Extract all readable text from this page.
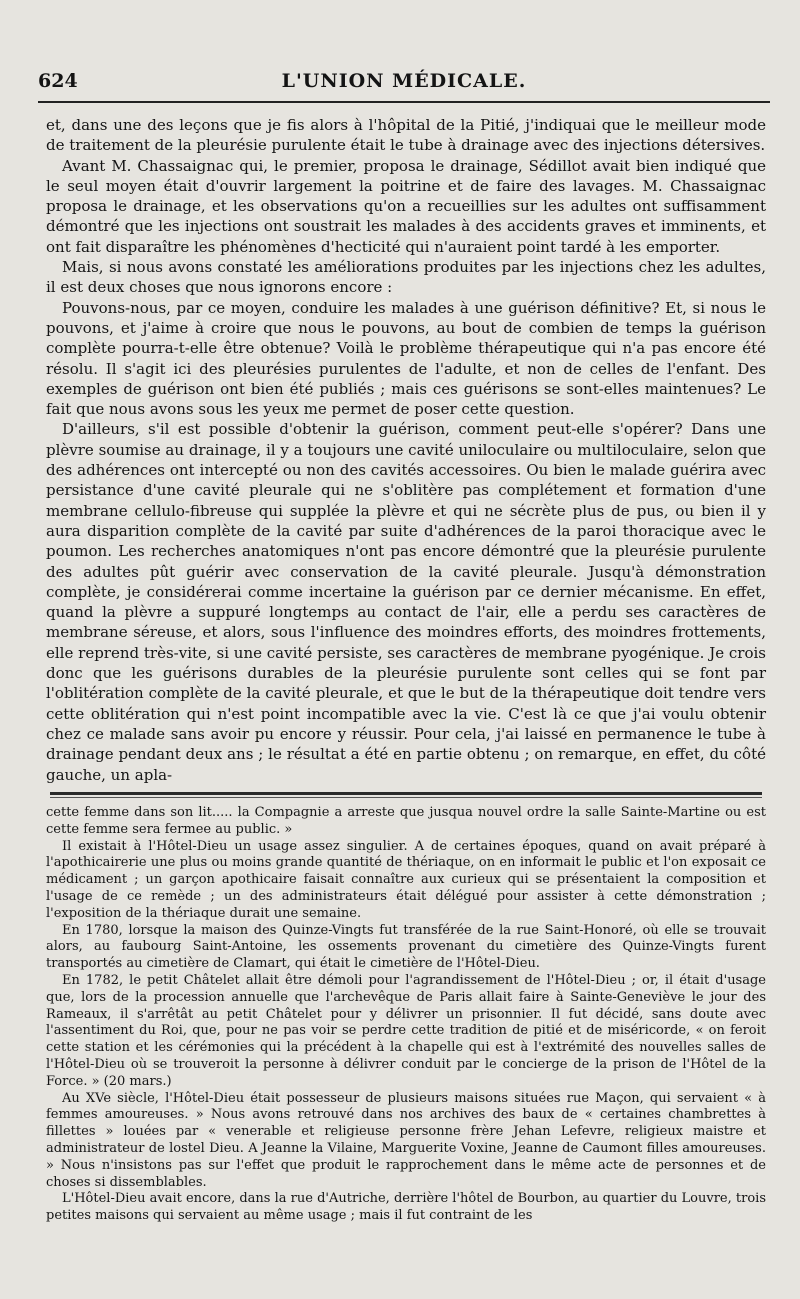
624	L'UNION MÉDICALE.

et, dans une des leçons que je fis alors à l'hôpital de la Pitié, j'indiquai que le meilleur mode de traitement de la pleurésie purulente était le tube à drainage avec des injections détersives.

Avant M. Chassaignac qui, le premier, proposa le drainage, Sédillot avait bien indiqué que le seul moyen était d'ouvrir largement la poitrine et de faire des lavages. M. Chassaignac proposa le drainage, et les observations qu'on a recueillies sur les adultes ont suffisamment démontré que les injections ont soustrait les malades à des accidents graves et imminents, et ont fait disparaître les phénomènes d'hecticité qui n'auraient point tardé à les emporter.

Mais, si nous avons constaté les améliorations produites par les injections chez les adultes, il est deux choses que nous ignorons encore :

Pouvons-nous, par ce moyen, conduire les malades à une guérison définitive? Et, si nous le pouvons, et j'aime à croire que nous le pouvons, au bout de combien de temps la guérison complète pourra-t-elle être obtenue? Voilà le problème thérapeutique qui n'a pas encore été résolu. Il s'agit ici des pleurésies purulentes de l'adulte, et non de celles de l'enfant. Des exemples de guérison ont bien été publiés ; mais ces guérisons se sont-elles maintenues? Le fait que nous avons sous les yeux me permet de poser cette question.

D'ailleurs, s'il est possible d'obtenir la guérison, comment peut-elle s'opérer? Dans une plèvre soumise au drainage, il y a toujours une cavité uniloculaire ou multiloculaire, selon que des adhérences ont intercepté ou non des cavités accessoires. Ou bien le malade guérira avec persistance d'une cavité pleurale qui ne s'oblitère pas complétement et formation d'une membrane cellulo-fibreuse qui supplée la plèvre et qui ne sécrète plus de pus, ou bien il y aura disparition complète de la cavité par suite d'adhérences de la paroi thoracique avec le poumon. Les recherches anatomiques n'ont pas encore démontré que la pleurésie purulente des adultes pût guérir avec conservation de la cavité pleurale. Jusqu'à démonstration complète, je considérerai comme incertaine la guérison par ce dernier mécanisme. En effet, quand la plèvre a suppuré longtemps au contact de l'air, elle a perdu ses caractères de membrane séreuse, et alors, sous l'influence des moindres efforts, des moindres frottements, elle reprend très-vite, si une cavité persiste, ses caractères de membrane pyogénique. Je crois donc que les guérisons durables de la pleurésie purulente sont celles qui se font par l'oblitération complète de la cavité pleurale, et que le but de la thérapeutique doit tendre vers cette oblitération qui n'est point incompatible avec la vie. C'est là ce que j'ai voulu obtenir chez ce malade sans avoir pu encore y réussir. Pour cela, j'ai laissé en permanence le tube à drainage pendant deux ans ; le résultat a été en partie obtenu ; on remarque, en effet, du côté gauche, un apla-

cette femme dans son lit..... la Compagnie a arreste que jusqua nouvel ordre la salle Sainte-Martine ou est cette femme sera fermee au public. »

Il existait à l'Hôtel-Dieu un usage assez singulier. A de certaines époques, quand on avait préparé à l'apothicairerie une plus ou moins grande quantité de thériaque, on en informait le public et l'on exposait ce médicament ; un garçon apothicaire faisait connaître aux curieux qui se présentaient la composition et l'usage de ce remède ; un des administrateurs était délégué pour assister à cette démonstration ; l'exposition de la thériaque durait une semaine.

En 1780, lorsque la maison des Quinze-Vingts fut transférée de la rue Saint-Honoré, où elle se trouvait alors, au faubourg Saint-Antoine, les ossements provenant du cimetière des Quinze-Vingts furent transportés au cimetière de Clamart, qui était le cimetière de l'Hôtel-Dieu.

En 1782, le petit Châtelet allait être démoli pour l'agrandissement de l'Hôtel-Dieu ; or, il était d'usage que, lors de la procession annuelle que l'archevêque de Paris allait faire à Sainte-Geneviève le jour des Rameaux, il s'arrêtât au petit Châtelet pour y délivrer un prisonnier. Il fut décidé, sans doute avec l'assentiment du Roi, que, pour ne pas voir se perdre cette tradition de pitié et de miséricorde, « on feroit cette station et les cérémonies qui la précédent à la chapelle qui est à l'extrémité des nouvelles salles de l'Hôtel-Dieu où se trouveroit la personne à délivrer conduit par le concierge de la prison de l'Hôtel de la Force. » (20 mars.)

Au XVe siècle, l'Hôtel-Dieu était possesseur de plusieurs maisons situées rue Maçon, qui servaient « à femmes amoureuses. » Nous avons retrouvé dans nos archives des baux de « certaines chambrettes à fillettes » louées par « venerable et religieuse personne frère Jehan Lefevre, religieux maistre et administrateur de lostel Dieu. A Jeanne la Vilaine, Marguerite Voxine, Jeanne de Caumont filles amoureuses. » Nous n'insistons pas sur l'effet que produit le rapprochement dans le même acte de personnes et de choses si dissemblables.

L'Hôtel-Dieu avait encore, dans la rue d'Autriche, derrière l'hôtel de Bourbon, au quartier du Louvre, trois petites maisons qui servaient au même usage ; mais il fut contraint de les
